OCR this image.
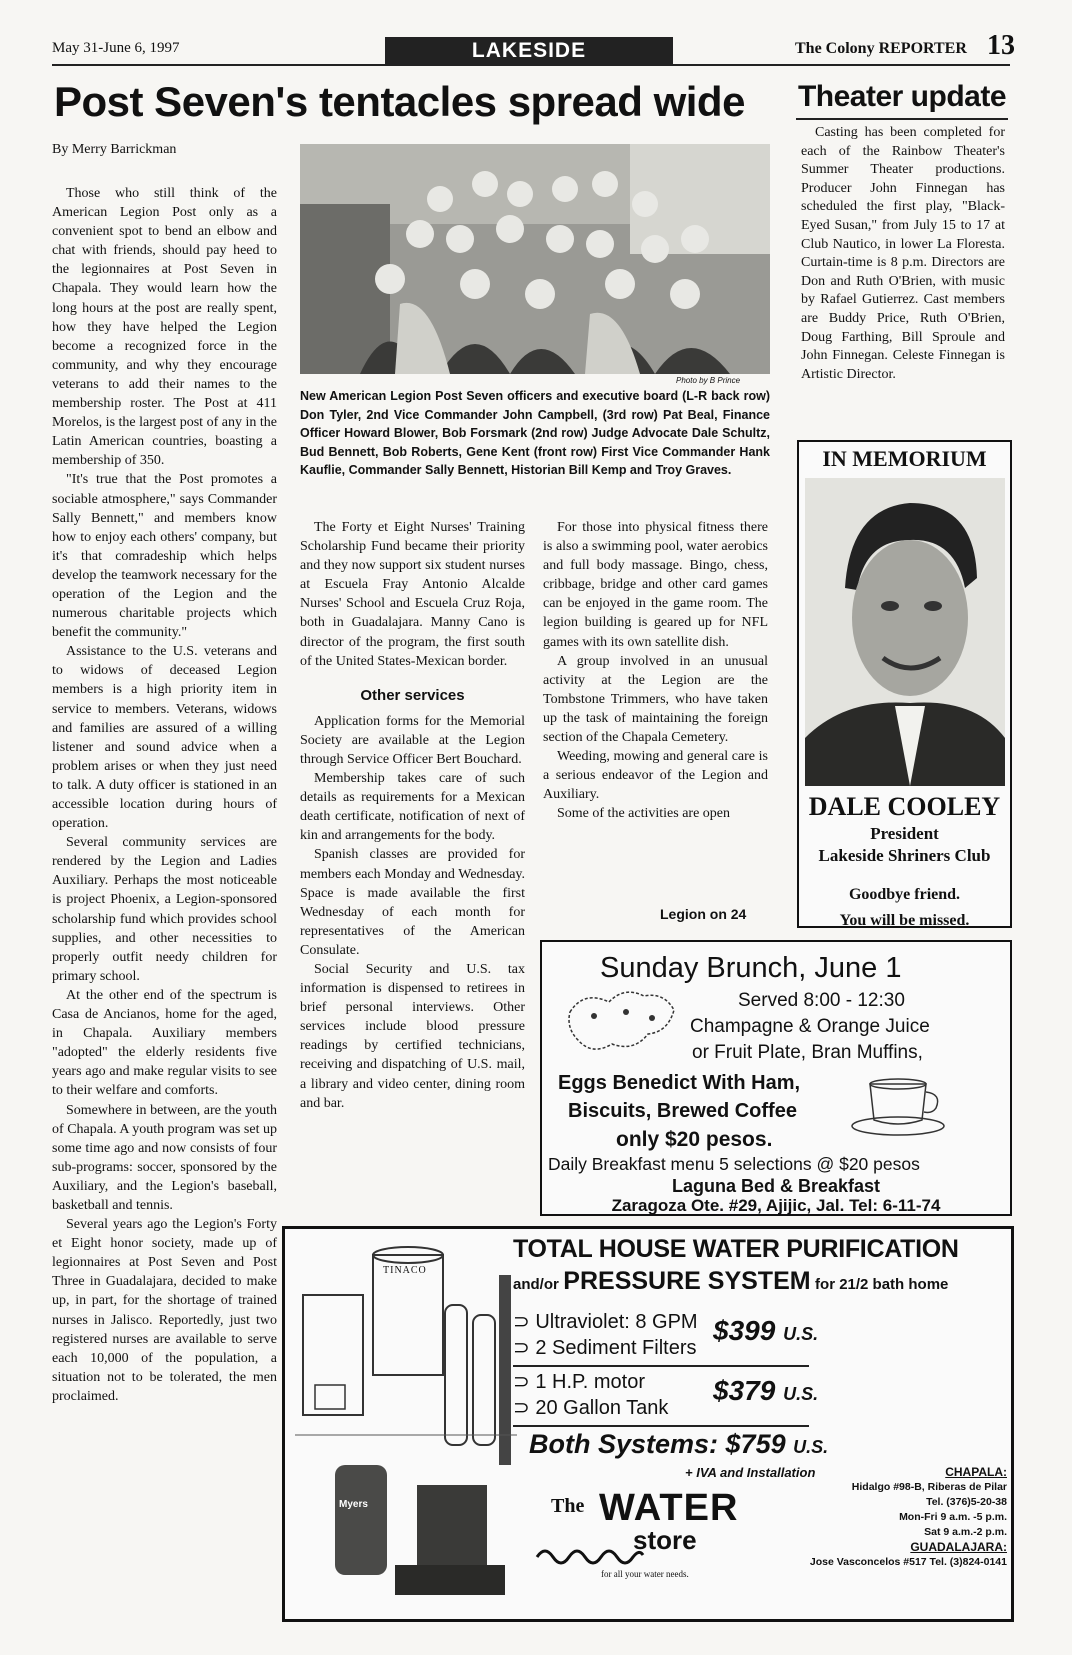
May 31-June 6, 1997	LAKESIDE	The Colony REPORTER 13
Post Seven's tentacles spread wide
By Merry Barrickman

Those who still think of the American Legion Post only as a convenient spot to bend an elbow and chat with friends, should pay heed to the legionnaires at Post Seven in Chapala. They would learn how the long hours at the post are really spent, how they have helped the Legion become a recognized force in the community, and why they encourage veterans to add their names to the membership roster. The Post at 411 Morelos, is the largest post of any in the Latin American countries, boasting a membership of 350.

"It's true that the Post promotes a sociable atmosphere," says Commander Sally Bennett," and members know how to enjoy each others' company, but it's that comradeship which helps develop the teamwork necessary for the operation of the Legion and the numerous charitable projects which benefit the community."

Assistance to the U.S. veterans and to widows of deceased Legion members is a high priority item in service to members. Veterans, widows and families are assured of a willing listener and sound advice when a problem arises or when they just need to talk. A duty officer is stationed in an accessible location during hours of operation.

Several community services are rendered by the Legion and Ladies Auxiliary. Perhaps the most noticeable is project Phoenix, a Legion-sponsored scholarship fund which provides school supplies, and other necessities to properly outfit needy children for primary school.

At the other end of the spectrum is Casa de Ancianos, home for the aged, in Chapala. Auxiliary members "adopted" the elderly residents five years ago and make regular visits to see to their welfare and comforts.

Somewhere in between, are the youth of Chapala. A youth program was set up some time ago and now consists of four sub-programs: soccer, sponsored by the Auxiliary, and the Legion's baseball, basketball and tennis.

Several years ago the Legion's Forty et Eight honor society, made up of legionnaires at Post Seven and Post Three in Guadalajara, decided to make up, in part, for the shortage of trained nurses in Jalisco. Reportedly, just two registered nurses are available to serve each 10,000 of the population, a situation not to be tolerated, the men proclaimed.

Photo by B Prince
New American Legion Post Seven officers and executive board (L-R back row) Don Tyler, 2nd Vice Commander John Campbell, (3rd row) Pat Beal, Finance Officer Howard Blower, Bob Forsmark (2nd row) Judge Advocate Dale Schultz, Bud Bennett, Bob Roberts, Gene Kent (front row) First Vice Commander Hank Kauflie, Commander Sally Bennett, Historian Bill Kemp and Troy Graves.

The Forty et Eight Nurses' Training Scholarship Fund became their priority and they now support six student nurses at Escuela Fray Antonio Alcalde Nurses' School and Escuela Cruz Roja, both in Guadalajara. Manny Cano is director of the program, the first south of the United States-Mexican border.

Other services

Application forms for the Memorial Society are available at the Legion through Service Officer Bert Bouchard.

Membership takes care of such details as requirements for a Mexican death certificate, notification of next of kin and arrangements for the body.

Spanish classes are provided for members each Monday and Wednesday. Space is made available the first Wednesday of each month for representatives of the American Consulate.

Social Security and U.S. tax information is dispensed to retirees in brief personal interviews. Other services include blood pressure readings by certified technicians, receiving and dispatching of U.S. mail, a library and video center, dining room and bar.

For those into physical fitness there is also a swimming pool, water aerobics and full body massage. Bingo, chess, cribbage, bridge and other card games can be enjoyed in the game room. The legion building is geared up for NFL games with its own satellite dish.

A group involved in an unusual activity at the Legion are the Tombstone Trimmers, who have taken up the task of maintaining the foreign section of the Chapala Cemetery.

Weeding, mowing and general care is a serious endeavor of the Legion and Auxiliary.

Some of the activities are open

Legion on 24
Theater update
Casting has been completed for each of the Rainbow Theater's Summer Theater productions. Producer John Finnegan has scheduled the first play, "Black-Eyed Susan," from July 15 to 17 at Club Nautico, in lower La Floresta. Curtain-time is 8 p.m. Directors are Don and Ruth O'Brien, with music by Rafael Gutierrez. Cast members are Buddy Price, Ruth O'Brien, Doug Farthing, Bill Sproule and John Finnegan. Celeste Finnegan is Artistic Director.
IN MEMORIUM
DALE COOLEY
President
Lakeside Shriners Club
Goodbye friend.
You will be missed.
Sunday Brunch, June 1
Served 8:00 - 12:30
Champagne & Orange Juice
or Fruit Plate, Bran Muffins,
Eggs Benedict With Ham,
Biscuits, Brewed Coffee
only $20 pesos.
Daily Breakfast menu 5 selections @ $20 pesos
Laguna Bed & Breakfast
Zaragoza Ote. #29, Ajijic, Jal. Tel: 6-11-74
TINACO
Myers
TOTAL HOUSE WATER PURIFICATION
and/or PRESSURE SYSTEM for 21/2 bath home
⊃ Ultraviolet: 8 GPM
⊃ 2 Sediment Filters
$399 U.S.
⊃ 1 H.P. motor
⊃ 20 Gallon Tank
$379 U.S.
Both Systems: $759 U.S.
+ IVA and Installation
The WATER
store
for all your water needs.
CHAPALA:
Hidalgo #98-B, Riberas de Pilar
Tel. (376)5-20-38
Mon-Fri 9 a.m. -5 p.m.
Sat 9 a.m.-2 p.m.
GUADALAJARA:
Jose Vasconcelos #517 Tel. (3)824-0141
